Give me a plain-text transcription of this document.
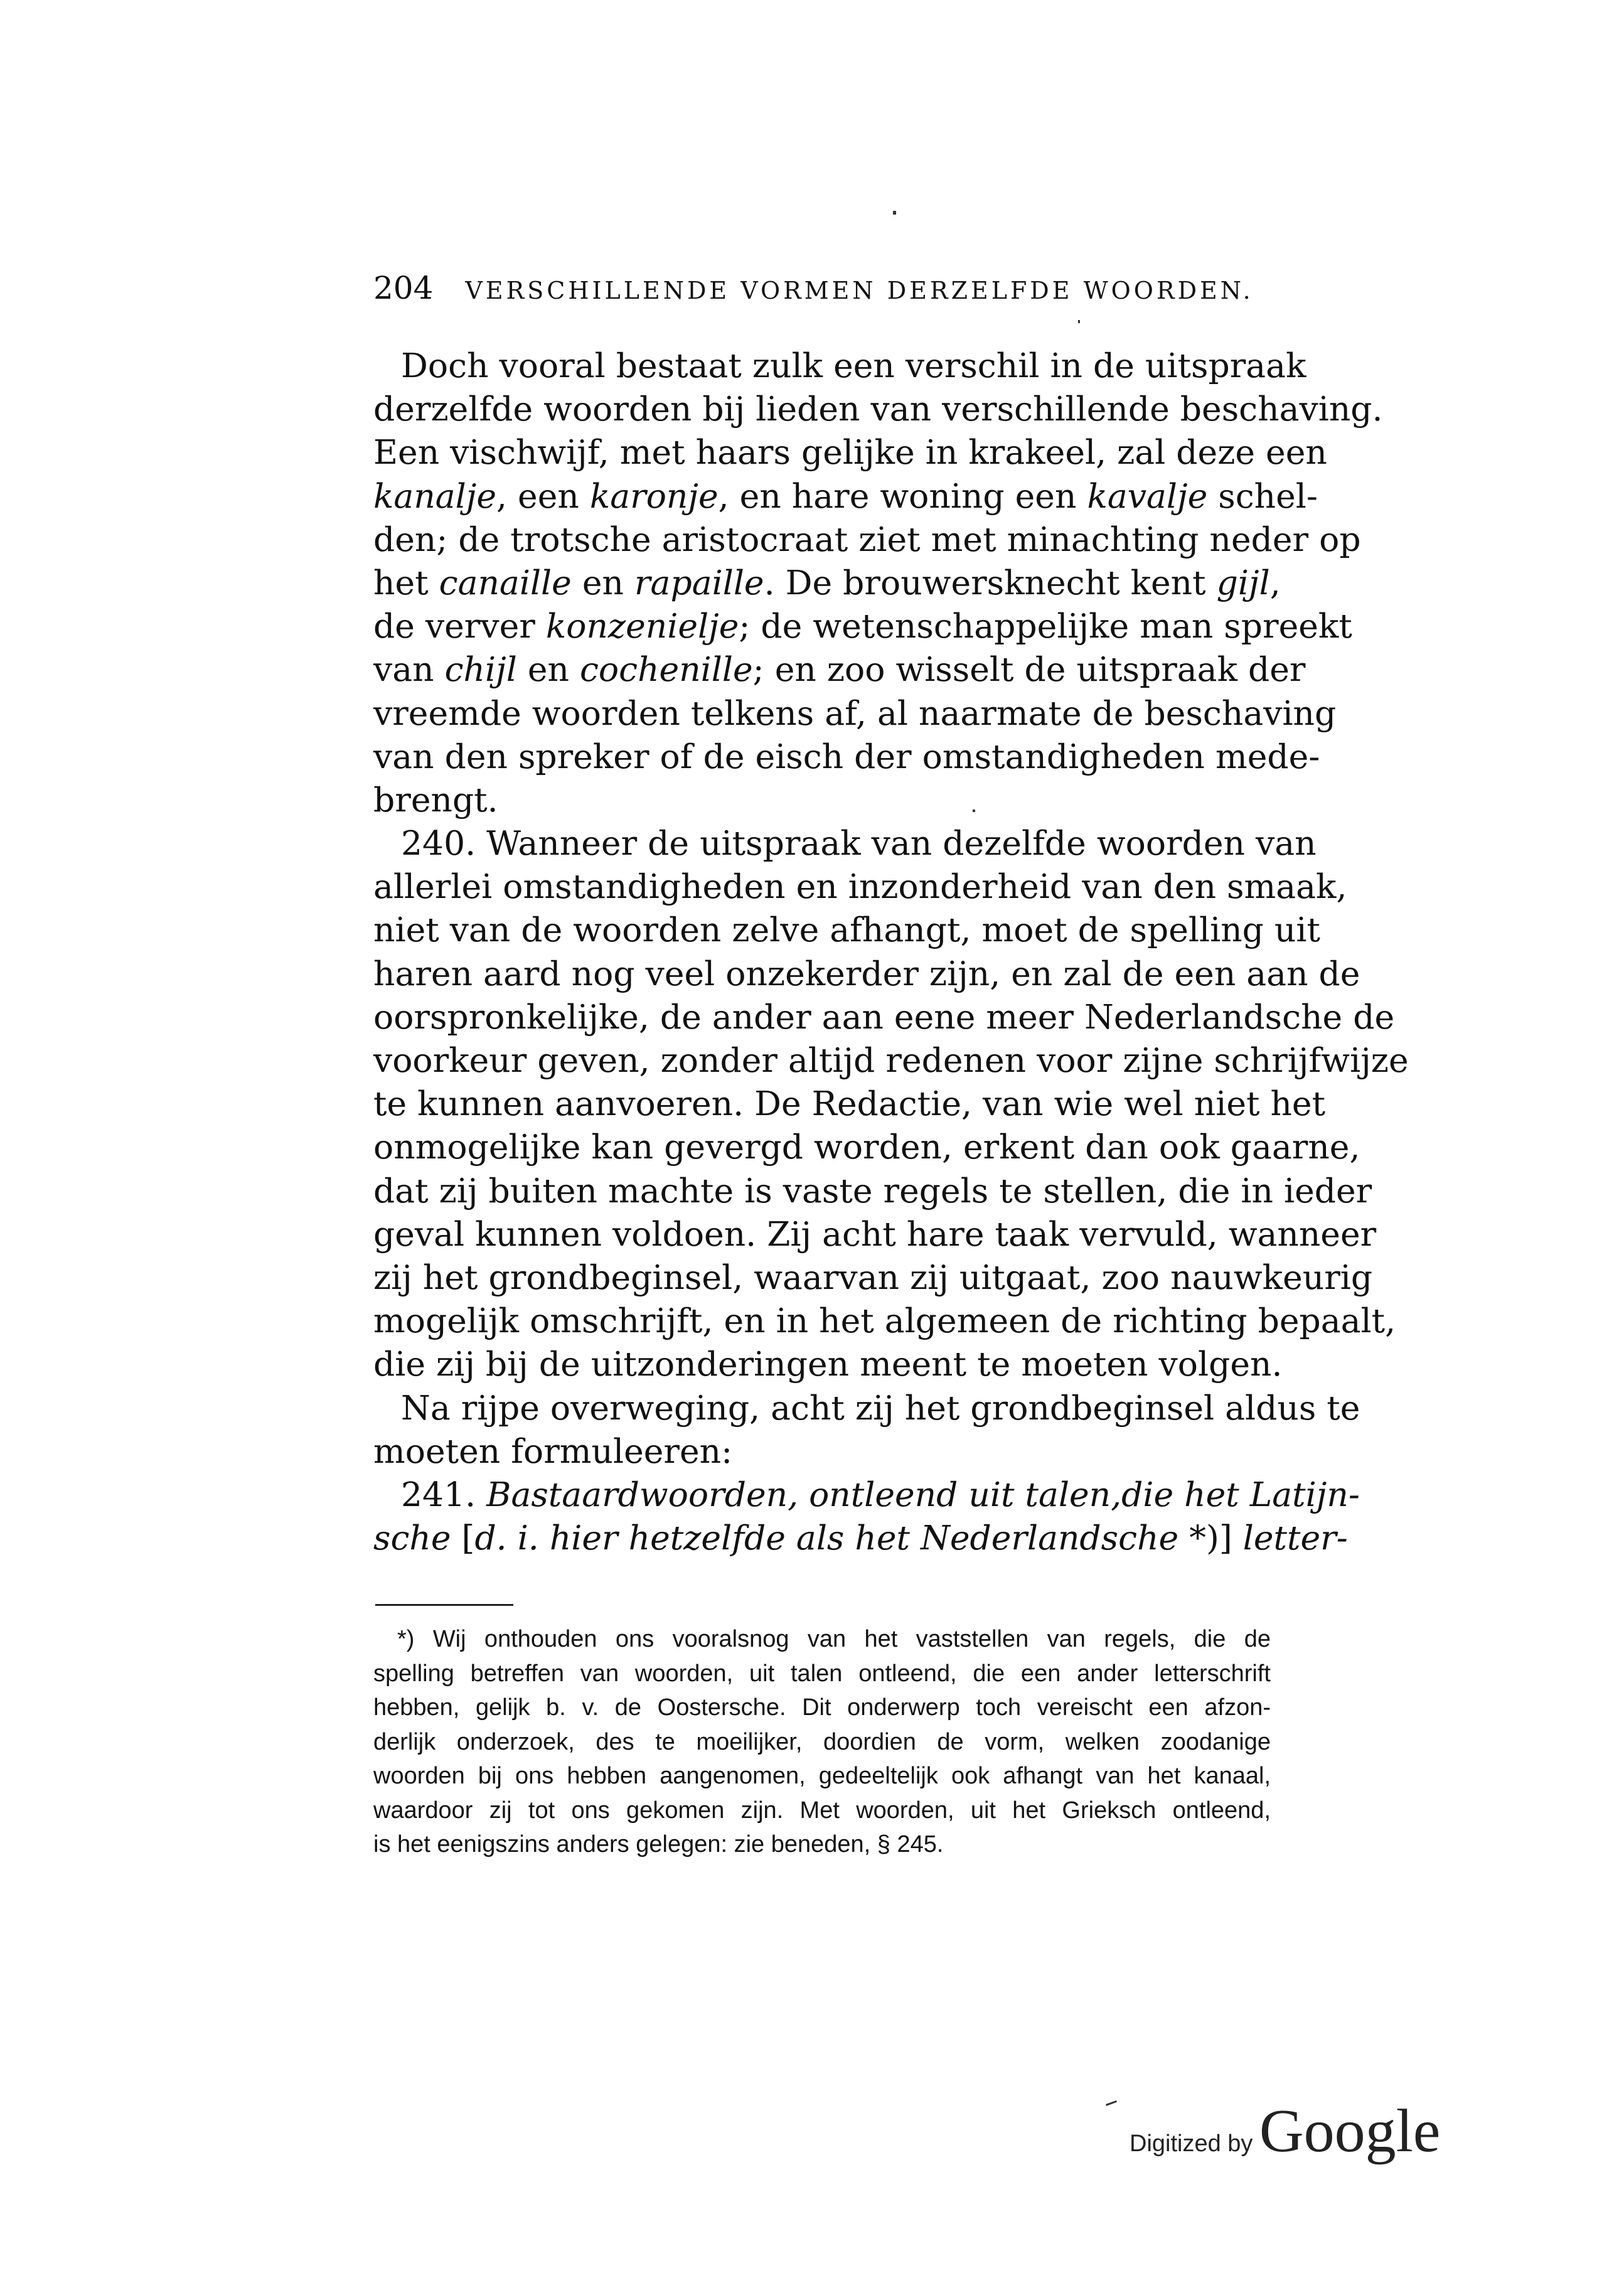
204 VERSCHILLENDE VORMEN DERZELFDE WOORDEN.
Doch vooral bestaat zulk een verschil in de uitspraak
derzelfde woorden bij lieden van verschillende beschaving.
Een vischwijf, met haars gelijke in krakeel, zal deze een
kanalje, een karonje, en hare woning een kavalje schel-
den; de trotsche aristocraat ziet met minachting neder op
het canaille en rapaille. De brouwersknecht kent gijl,
de verver konzenielje; de wetenschappelijke man spreekt
van chijl en cochenille; en zoo wisselt de uitspraak der
vreemde woorden telkens af, al naarmate de beschaving
van den spreker of de eisch der omstandigheden mede-
brengt.
240. Wanneer de uitspraak van dezelfde woorden van
allerlei omstandigheden en inzonderheid van den smaak,
niet van de woorden zelve afhangt, moet de spelling uit
haren aard nog veel onzekerder zijn, en zal de een aan de
oorspronkelijke, de ander aan eene meer Nederlandsche de
voorkeur geven, zonder altijd redenen voor zijne schrijfwijze
te kunnen aanvoeren. De Redactie, van wie wel niet het
onmogelijke kan gevergd worden, erkent dan ook gaarne,
dat zij buiten machte is vaste regels te stellen, die in ieder
geval kunnen voldoen. Zij acht hare taak vervuld, wanneer
zij het grondbeginsel, waarvan zij uitgaat, zoo nauwkeurig
mogelijk omschrijft, en in het algemeen de richting bepaalt,
die zij bij de uitzonderingen meent te moeten volgen.
Na rijpe overweging, acht zij het grondbeginsel aldus te
moeten formuleeren:
241. Bastaardwoorden, ontleend uit talen,die het Latijn-
sche [d. i. hier hetzelfde als het Nederlandsche *)] letter-
*) Wij onthouden ons vooralsnog van het vaststellen van regels, die de
spelling betreffen van woorden, uit talen ontleend, die een ander letterschrift
hebben, gelijk b. v. de Oostersche. Dit onderwerp toch vereischt een afzon-
derlijk onderzoek, des te moeilijker, doordien de vorm, welken zoodanige
woorden bij ons hebben aangenomen, gedeeltelijk ook afhangt van het kanaal,
waardoor zij tot ons gekomen zijn. Met woorden, uit het Grieksch ontleend,
is het eenigszins anders gelegen: zie beneden, § 245.
Digitized by Google
